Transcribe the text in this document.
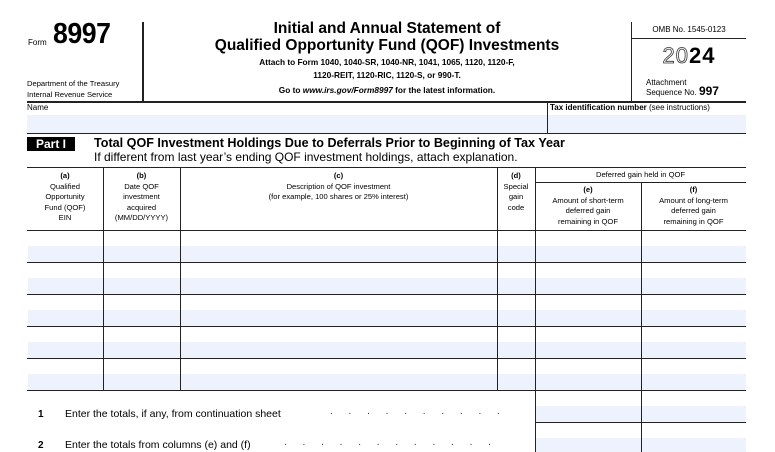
Form 8997
Department of the Treasury
Internal Revenue Service
Initial and Annual Statement of
Qualified Opportunity Fund (QOF) Investments
Attach to Form 1040, 1040-SR, 1040-NR, 1041, 1065, 1120, 1120-F,
1120-REIT, 1120-RIC, 1120-S, or 990-T.
Go to www.irs.gov/Form8997 for the latest information.
OMB No. 1545-0123
2024
Attachment
Sequence No. 997
Name	Tax identification number (see instructions)
Part I	Total QOF Investment Holdings Due to Deferrals Prior to Beginning of Tax Year
If different from last year’s ending QOF investment holdings, attach explanation.
(a)
Qualified
Opportunity
Fund (QOF)
EIN
(b)
Date QOF
investment
acquired
(MM/DD/YYYY)
(c)
Description of QOF investment
(for example, 100 shares or 25% interest)
(d)
Special
gain
code
Deferred gain held in QOF
(e)
Amount of short-term
deferred gain
remaining in QOF
(f)
Amount of long-term
deferred gain
remaining in QOF
1 Enter the totals, if any, from continuation sheet	. . . . . . . . . .
2 Enter the totals from columns (e) and (f)	. . . . . . . . . . . .
